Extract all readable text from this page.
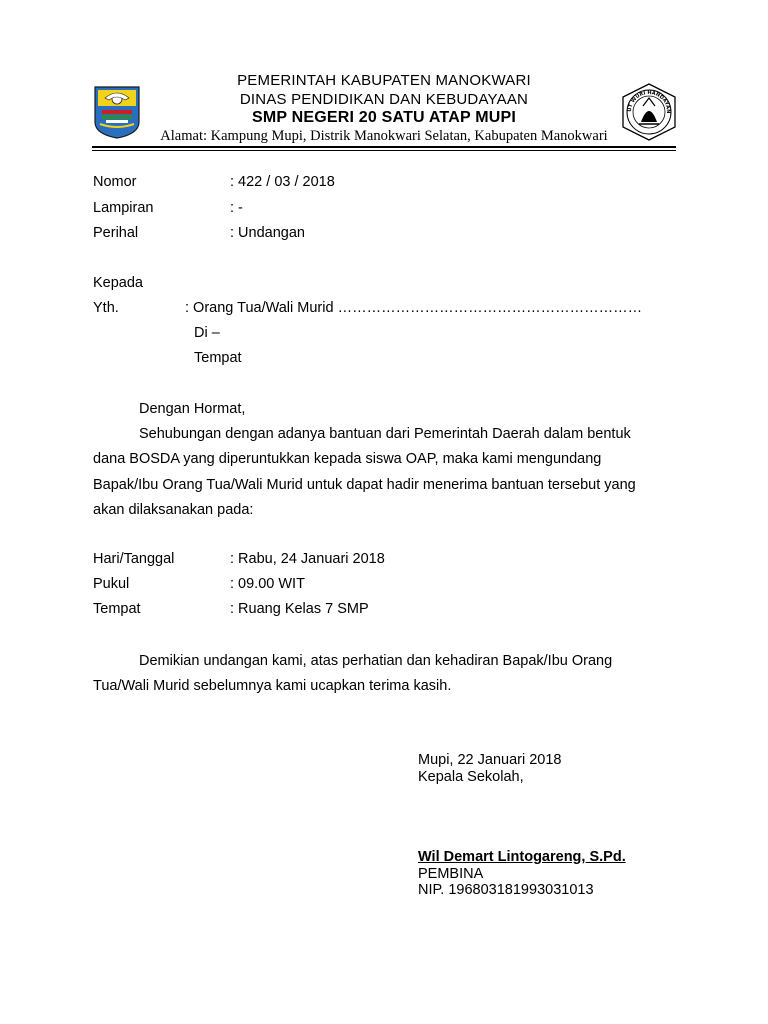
UT WURI HANDAYAN
PEMERINTAH KABUPATEN MANOKWARI
DINAS PENDIDIKAN DAN KEBUDAYAAN
SMP NEGERI 20 SATU ATAP MUPI
Alamat: Kampung Mupi, Distrik Manokwari Selatan, Kabupaten Manokwari
Nomor	: 422 / 03 / 2018
Lampiran	: -
Perihal	: Undangan
Kepada
Yth.	: Orang Tua/Wali Murid ………………………………………………………
Di –
Tempat
Dengan Hormat,
Sehubungan dengan adanya bantuan dari Pemerintah Daerah dalam bentuk
dana BOSDA yang diperuntukkan kepada siswa OAP, maka kami mengundang
Bapak/Ibu Orang Tua/Wali Murid untuk dapat hadir menerima bantuan tersebut yang
akan dilaksanakan pada:
Hari/Tanggal	: Rabu, 24 Januari 2018
Pukul	: 09.00 WIT
Tempat	: Ruang Kelas 7 SMP
Demikian undangan kami, atas perhatian dan kehadiran Bapak/Ibu Orang
Tua/Wali Murid sebelumnya kami ucapkan terima kasih.
Mupi, 22 Januari 2018
Kepala Sekolah,
Wil Demart Lintogareng, S.Pd.
PEMBINA
NIP. 196803181993031013
